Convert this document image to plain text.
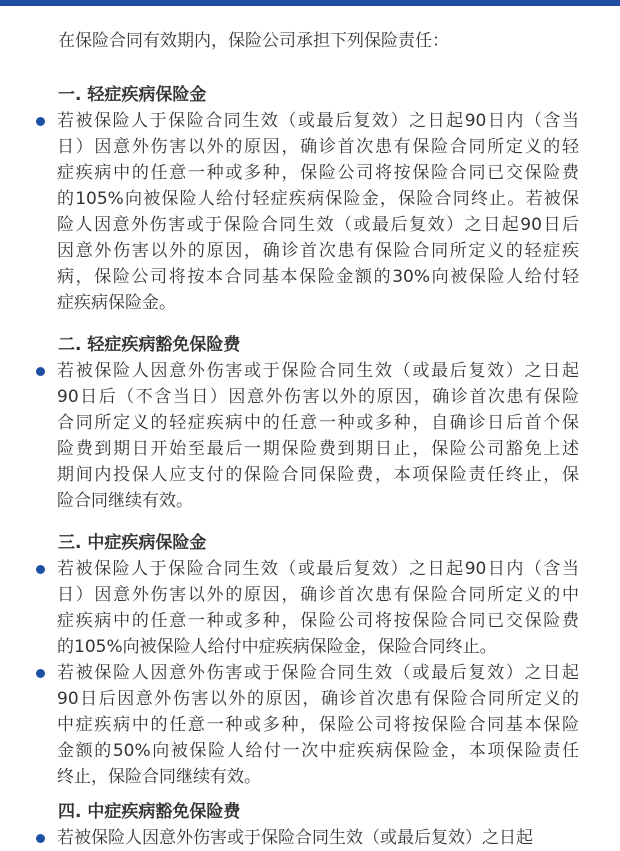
在保险合同有效期内，保险公司承担下列保险责任：
一. 轻症疾病保险金
若被保险人于保险合同生效（或最后复效）之日起90日内（含当
日）因意外伤害以外的原因，确诊首次患有保险合同所定义的轻
症疾病中的任意一种或多种，保险公司将按保险合同已交保险费
的105%向被保险人给付轻症疾病保险金，保险合同终止。若被保
险人因意外伤害或于保险合同生效（或最后复效）之日起90日后
因意外伤害以外的原因，确诊首次患有保险合同所定义的轻症疾
病，保险公司将按本合同基本保险金额的30%向被保险人给付轻
症疾病保险金。
二. 轻症疾病豁免保险费
若被保险人因意外伤害或于保险合同生效（或最后复效）之日起
90日后（不含当日）因意外伤害以外的原因，确诊首次患有保险
合同所定义的轻症疾病中的任意一种或多种，自确诊日后首个保
险费到期日开始至最后一期保险费到期日止，保险公司豁免上述
期间内投保人应支付的保险合同保险费，本项保险责任终止，保
险合同继续有效。
三. 中症疾病保险金
若被保险人于保险合同生效（或最后复效）之日起90日内（含当
日）因意外伤害以外的原因，确诊首次患有保险合同所定义的中
症疾病中的任意一种或多种，保险公司将按保险合同已交保险费
的105%向被保险人给付中症疾病保险金，保险合同终止。
若被保险人因意外伤害或于保险合同生效（或最后复效）之日起
90日后因意外伤害以外的原因，确诊首次患有保险合同所定义的
中症疾病中的任意一种或多种，保险公司将按保险合同基本保险
金额的50%向被保险人给付一次中症疾病保险金，本项保险责任
终止，保险合同继续有效。
四. 中症疾病豁免保险费
若被保险人因意外伤害或于保险合同生效（或最后复效）之日起
